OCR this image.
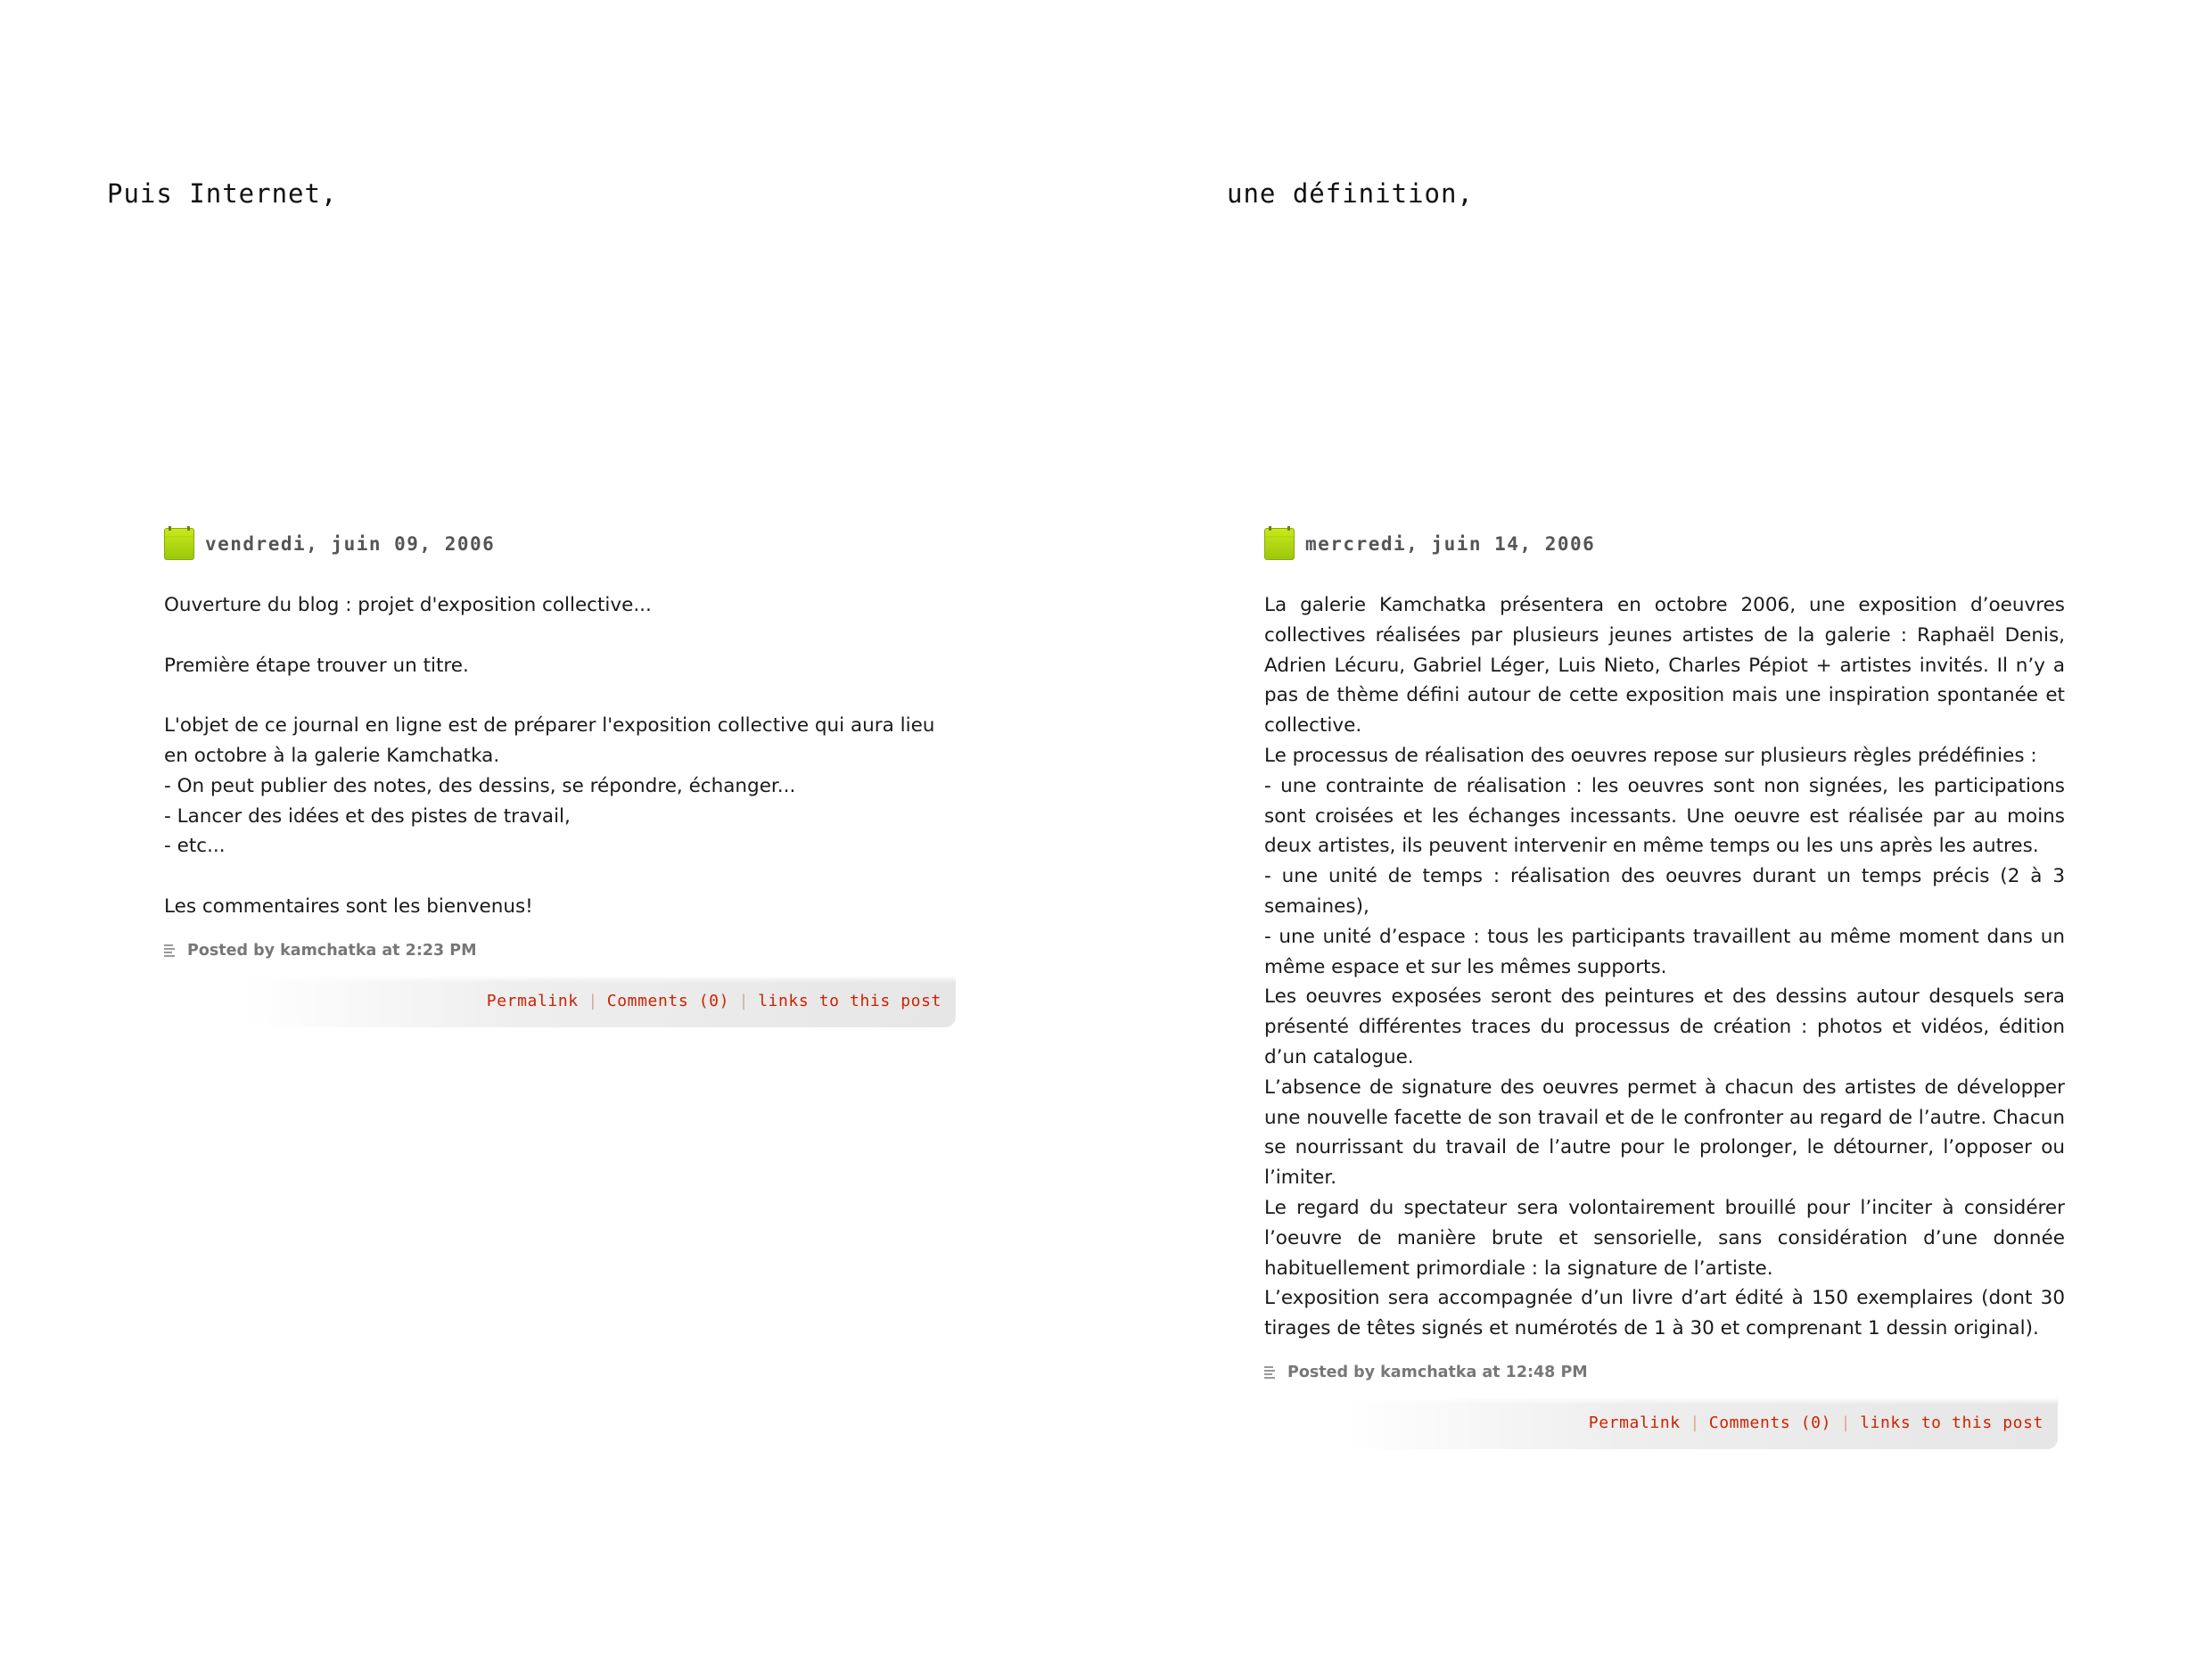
Puis Internet,
vendredi, juin 09, 2006

Ouverture du blog : projet d'exposition collective...

Première étape trouver un titre.

L'objet de ce journal en ligne est de préparer l'exposition collective qui aura lieu en octobre à la galerie Kamchatka.

- On peut publier des notes, des dessins, se répondre, échanger...

- Lancer des idées et des pistes de travail,

- etc...

Les commentaires sont les bienvenus!

Posted by kamchatka at 2:23 PM
Permalink | Comments (0) | links to this post
une définition,
mercredi, juin 14, 2006

La galerie Kamchatka présentera en octobre 2006, une exposition d’oeuvres collectives réalisées par plusieurs jeunes artistes de la galerie : Raphaël Denis, Adrien Lécuru, Gabriel Léger, Luis Nieto, Charles Pépiot + artistes invités. Il n’y a pas de thème défini autour de cette exposition mais une inspiration spontanée et collective.

Le processus de réalisation des oeuvres repose sur plusieurs règles prédéfinies :

- une contrainte de réalisation : les oeuvres sont non signées, les participations sont croisées et les échanges incessants. Une oeuvre est réalisée par au moins deux artistes, ils peuvent intervenir en même temps ou les uns après les autres.

- une unité de temps : réalisation des oeuvres durant un temps précis (2 à 3 semaines),

- une unité d’espace : tous les participants travaillent au même moment dans un même espace et sur les mêmes supports.

Les oeuvres exposées seront des peintures et des dessins autour desquels sera présenté différentes traces du processus de création : photos et vidéos, édition d’un catalogue.

L’absence de signature des oeuvres permet à chacun des artistes de développer une nouvelle facette de son travail et de le confronter au regard de l’autre. Chacun se nourrissant du travail de l’autre pour le prolonger, le détourner, l’opposer ou l’imiter.

Le regard du spectateur sera volontairement brouillé pour l’inciter à considérer l’oeuvre de manière brute et sensorielle, sans considération d’une donnée habituellement primordiale : la signature de l’artiste.

L’exposition sera accompagnée d’un livre d’art édité à 150 exemplaires (dont 30 tirages de têtes signés et numérotés de 1 à 30 et comprenant 1 dessin original).

Posted by kamchatka at 12:48 PM
Permalink | Comments (0) | links to this post
